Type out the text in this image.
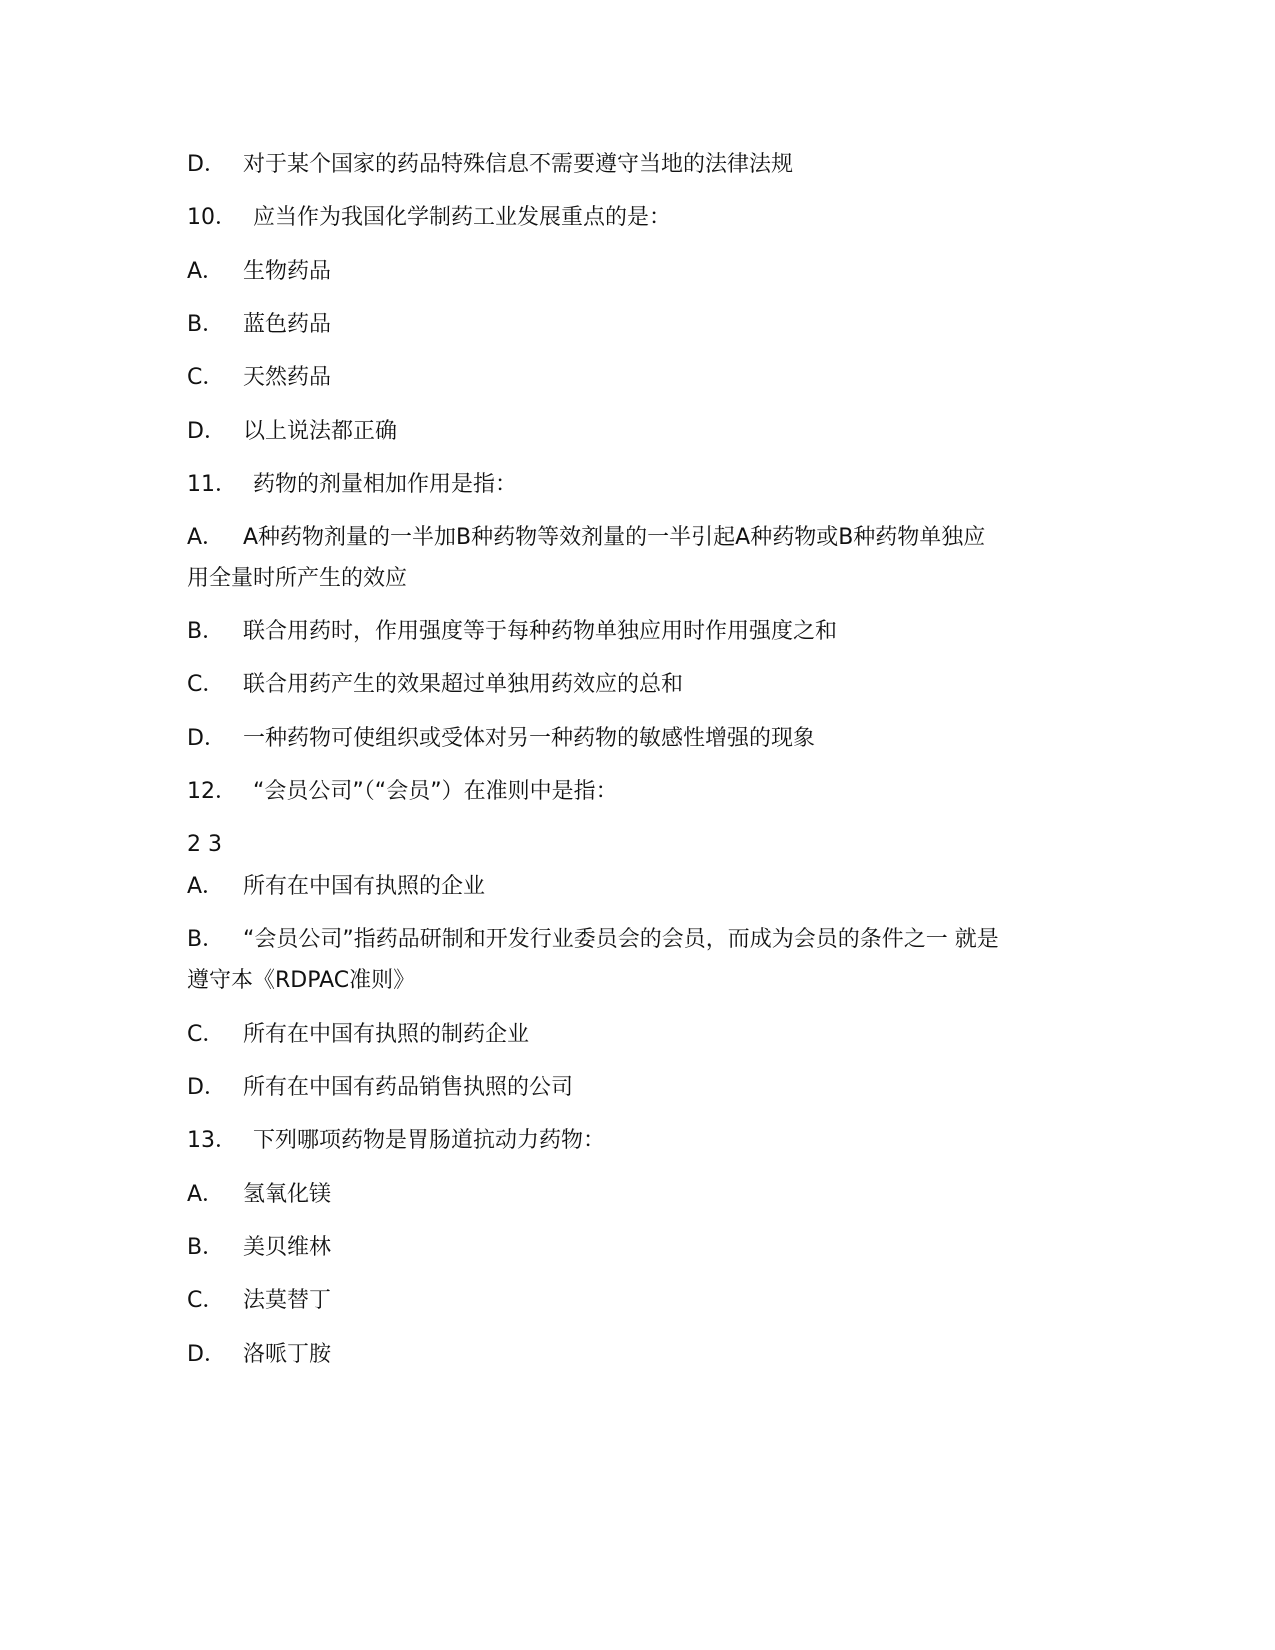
D． 对于某个国家的药品特殊信息不需要遵守当地的法律法规
10． 应当作为我国化学制药工业发展重点的是：
A． 生物药品
B． 蓝色药品
C． 天然药品
D． 以上说法都正确
11． 药物的剂量相加作用是指：
A． A种药物剂量的一半加B种药物等效剂量的一半引起A种药物或B种药物单独应
用全量时所产生的效应
B． 联合用药时，作用强度等于每种药物单独应用时作用强度之和
C． 联合用药产生的效果超过单独用药效应的总和
D． 一种药物可使组织或受体对另一种药物的敏感性增强的现象
12． “会员公司”（“会员”）在准则中是指：
2 3
A． 所有在中国有执照的企业
B． “会员公司”指药品研制和开发行业委员会的会员，而成为会员的条件之一 就是
遵守本《RDPAC准则》
C． 所有在中国有执照的制药企业
D． 所有在中国有药品销售执照的公司
13． 下列哪项药物是胃肠道抗动力药物：
A． 氢氧化镁
B． 美贝维林
C． 法莫替丁
D． 洛哌丁胺
